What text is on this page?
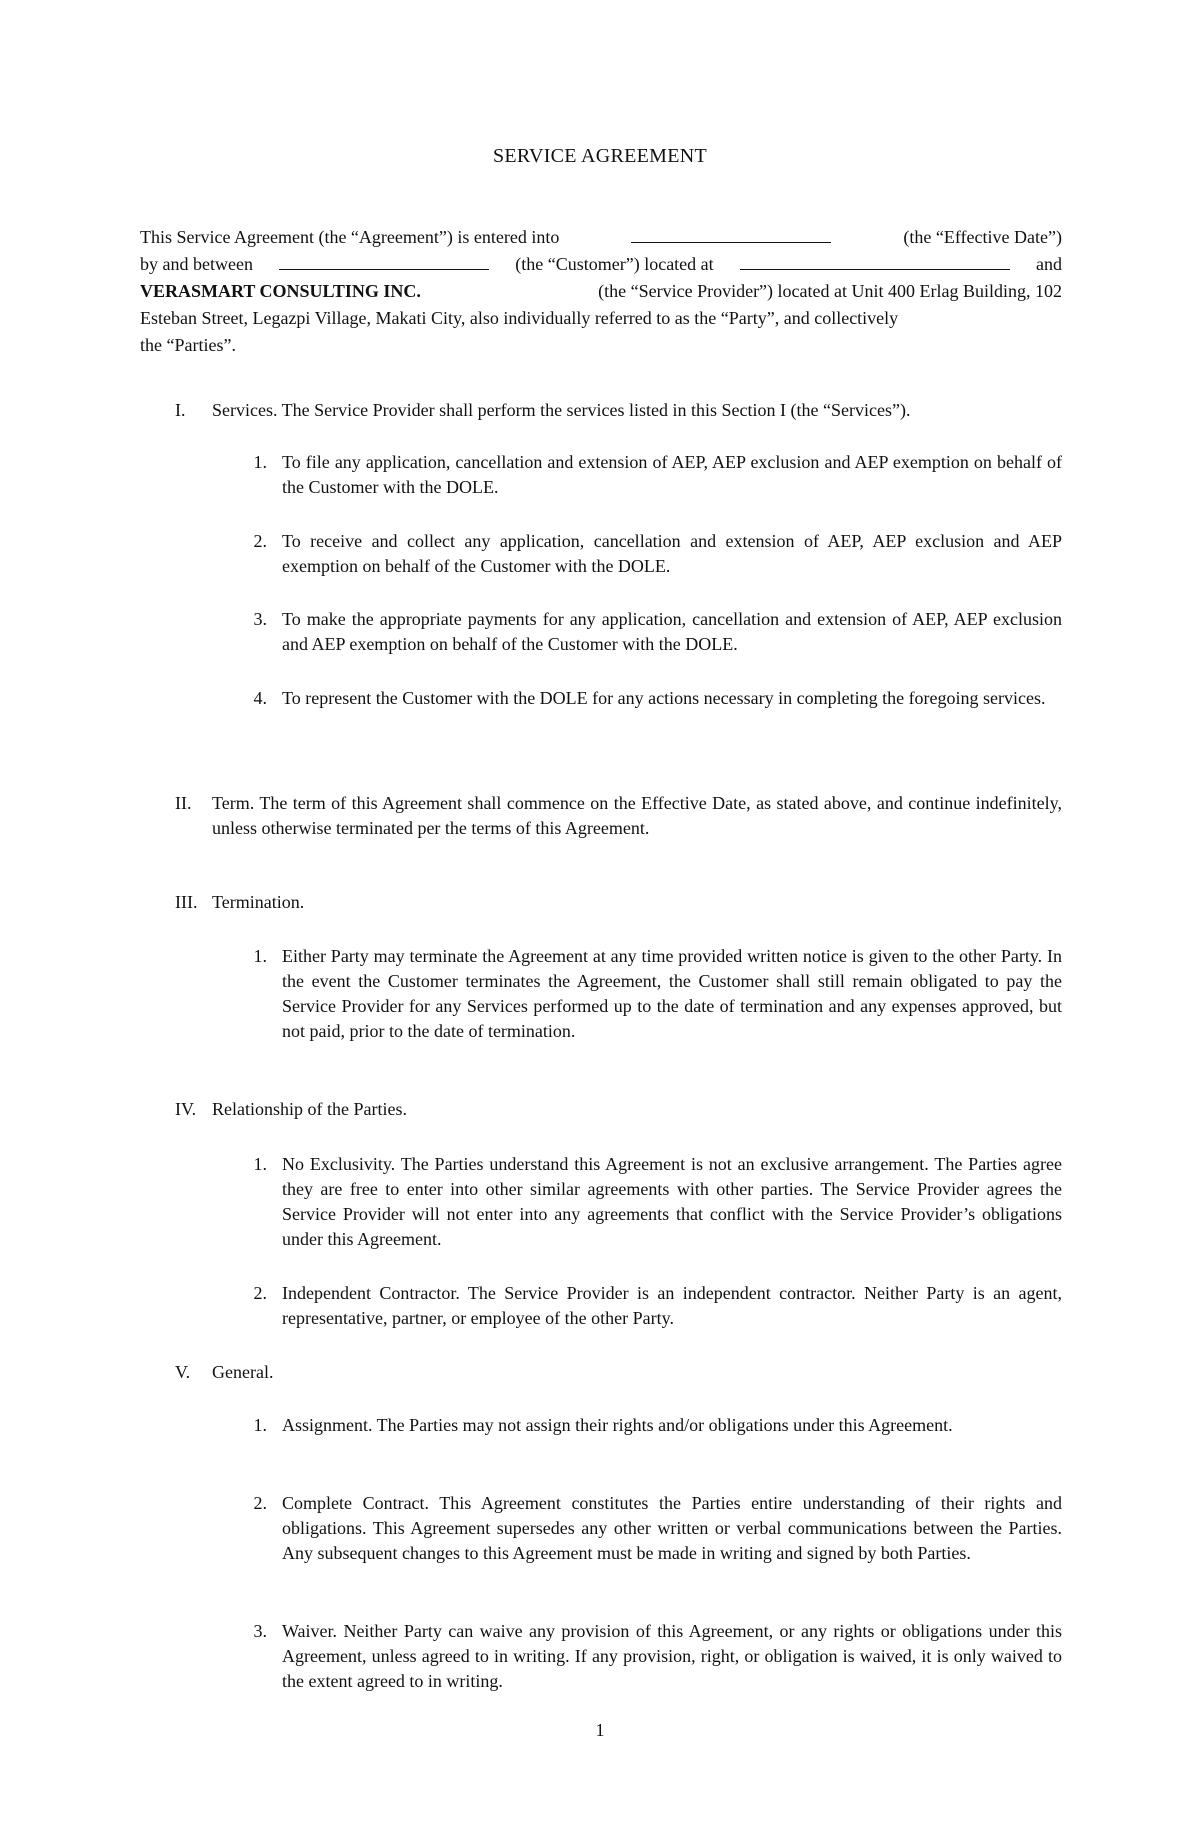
SERVICE AGREEMENT
This Service Agreement (the “Agreement”) is entered into	(the “Effective Date”)
by and between	(the “Customer”) located at	and
VERASMART CONSULTING INC.	(the “Service Provider”) located at Unit 400 Erlag Building, 102
Esteban Street, Legazpi Village, Makati City, also individually referred to as the “Party”, and collectively
the “Parties”.
I. Services. The Service Provider shall perform the services listed in this Section I (the “Services”).
1. To file any application, cancellation and extension of AEP, AEP exclusion and AEP exemption on behalf of the Customer with the DOLE.
2. To receive and collect any application, cancellation and extension of AEP, AEP exclusion and AEP exemption on behalf of the Customer with the DOLE.
3. To make the appropriate payments for any application, cancellation and extension of AEP, AEP exclusion and AEP exemption on behalf of the Customer with the DOLE.
4. To represent the Customer with the DOLE for any actions necessary in completing the foregoing services.
II. Term. The term of this Agreement shall commence on the Effective Date, as stated above, and continue indefinitely, unless otherwise terminated per the terms of this Agreement.
III. Termination.
1. Either Party may terminate the Agreement at any time provided written notice is given to the other Party. In the event the Customer terminates the Agreement, the Customer shall still remain obligated to pay the Service Provider for any Services performed up to the date of termination and any expenses approved, but not paid, prior to the date of termination.
IV. Relationship of the Parties.
1. No Exclusivity. The Parties understand this Agreement is not an exclusive arrangement. The Parties agree they are free to enter into other similar agreements with other parties. The Service Provider agrees the Service Provider will not enter into any agreements that conflict with the Service Provider’s obligations under this Agreement.
2. Independent Contractor. The Service Provider is an independent contractor. Neither Party is an agent, representative, partner, or employee of the other Party.
V. General.
1. Assignment. The Parties may not assign their rights and/or obligations under this Agreement.
2. Complete Contract. This Agreement constitutes the Parties entire understanding of their rights and obligations. This Agreement supersedes any other written or verbal communications between the Parties. Any subsequent changes to this Agreement must be made in writing and signed by both Parties.
3. Waiver. Neither Party can waive any provision of this Agreement, or any rights or obligations under this Agreement, unless agreed to in writing. If any provision, right, or obligation is waived, it is only waived to the extent agreed to in writing.
1
